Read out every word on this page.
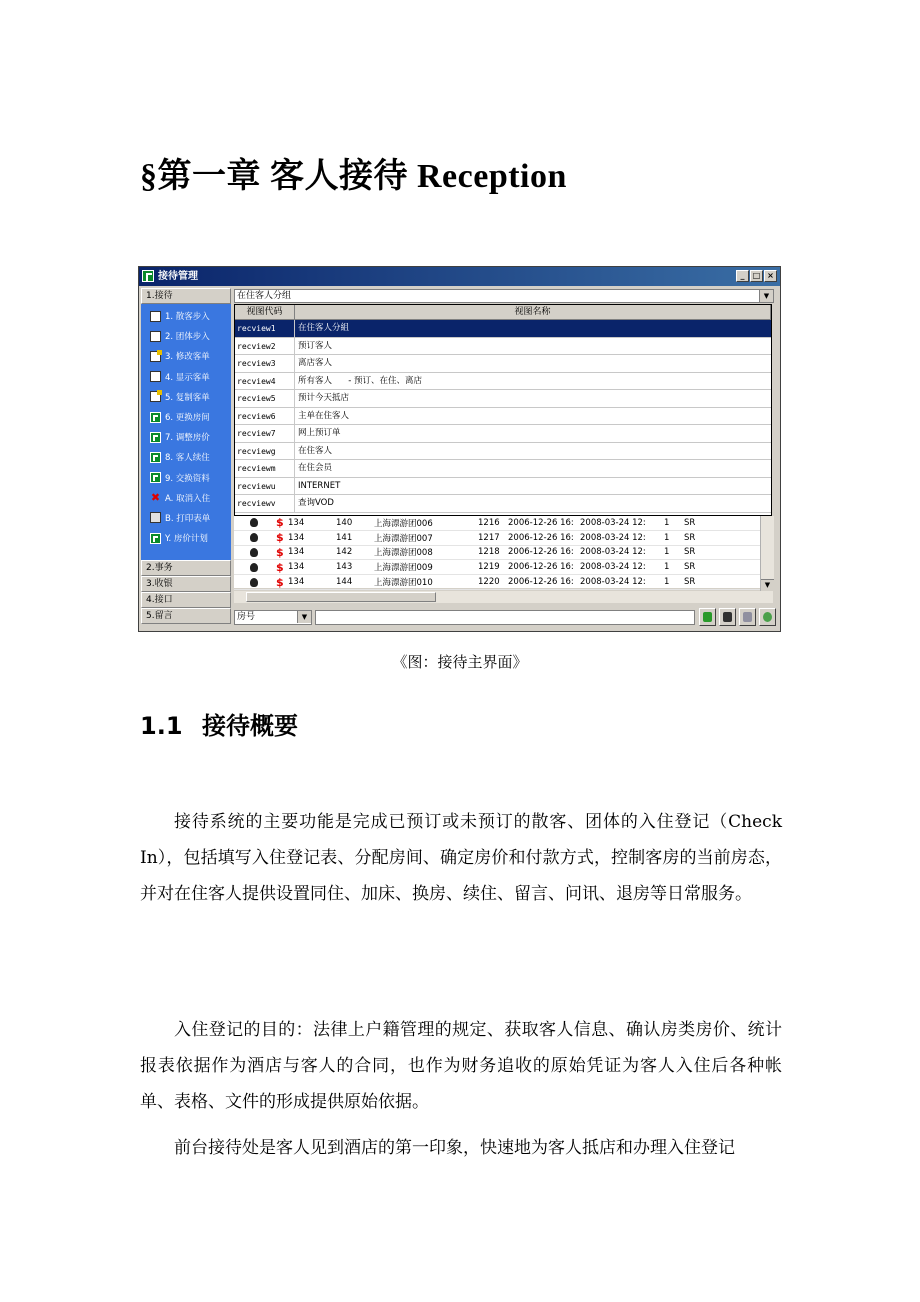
§第一章 客人接待 Reception
接待管理	_	□ ×
1.接待
1. 散客步入
2. 团体步入
3. 修改客单
4. 显示客单
5. 复制客单
6. 更换房间
7. 调整房价
8. 客人续住
9. 交换资料
✖ A. 取消入住
B. 打印表单
Y. 房价计划
2.事务
3.收银
4.接口
5.留言
在住客人分组	▼
视图代码	视图名称
recview1	在住客人分組
recview2	预订客人
recview3	离店客人
recview4	所有客人      - 预订、在住、离店
recview5	预计今天抵店
recview6	主单在住客人
recview7	网上预订单
recviewg	在住客人
recviewm	在住会员
recviewu	INTERNET
recviewv	查询VOD
$ 134	140	上海漂游团006	1216 2006-12-26 16: 2008-03-24 12:	1	SR
$ 134	141	上海漂游团007	1217 2006-12-26 16: 2008-03-24 12:	1	SR
$ 134	142	上海漂游团008	1218 2006-12-26 16: 2008-03-24 12:	1	SR
$ 134	143	上海漂游团009	1219 2006-12-26 16: 2008-03-24 12:	1	SR
$ 134	144	上海漂游团010	1220 2006-12-26 16: 2008-03-24 12:	1	SR	▼
房号	▼
《图：接待主界面》
1.1 接待概要

接待系统的主要功能是完成已预订或未预订的散客、团体的入住登记（Check In），包括填写入住登记表、分配房间、确定房价和付款方式，控制客房的当前房态，并对在住客人提供设置同住、加床、换房、续住、留言、问讯、退房等日常服务。

入住登记的目的：法律上户籍管理的规定、获取客人信息、确认房类房价、统计报表依据作为酒店与客人的合同，也作为财务追收的原始凭证为客人入住后各种帐单、表格、文件的形成提供原始依据。

前台接待处是客人见到酒店的第一印象，快速地为客人抵店和办理入住登记
